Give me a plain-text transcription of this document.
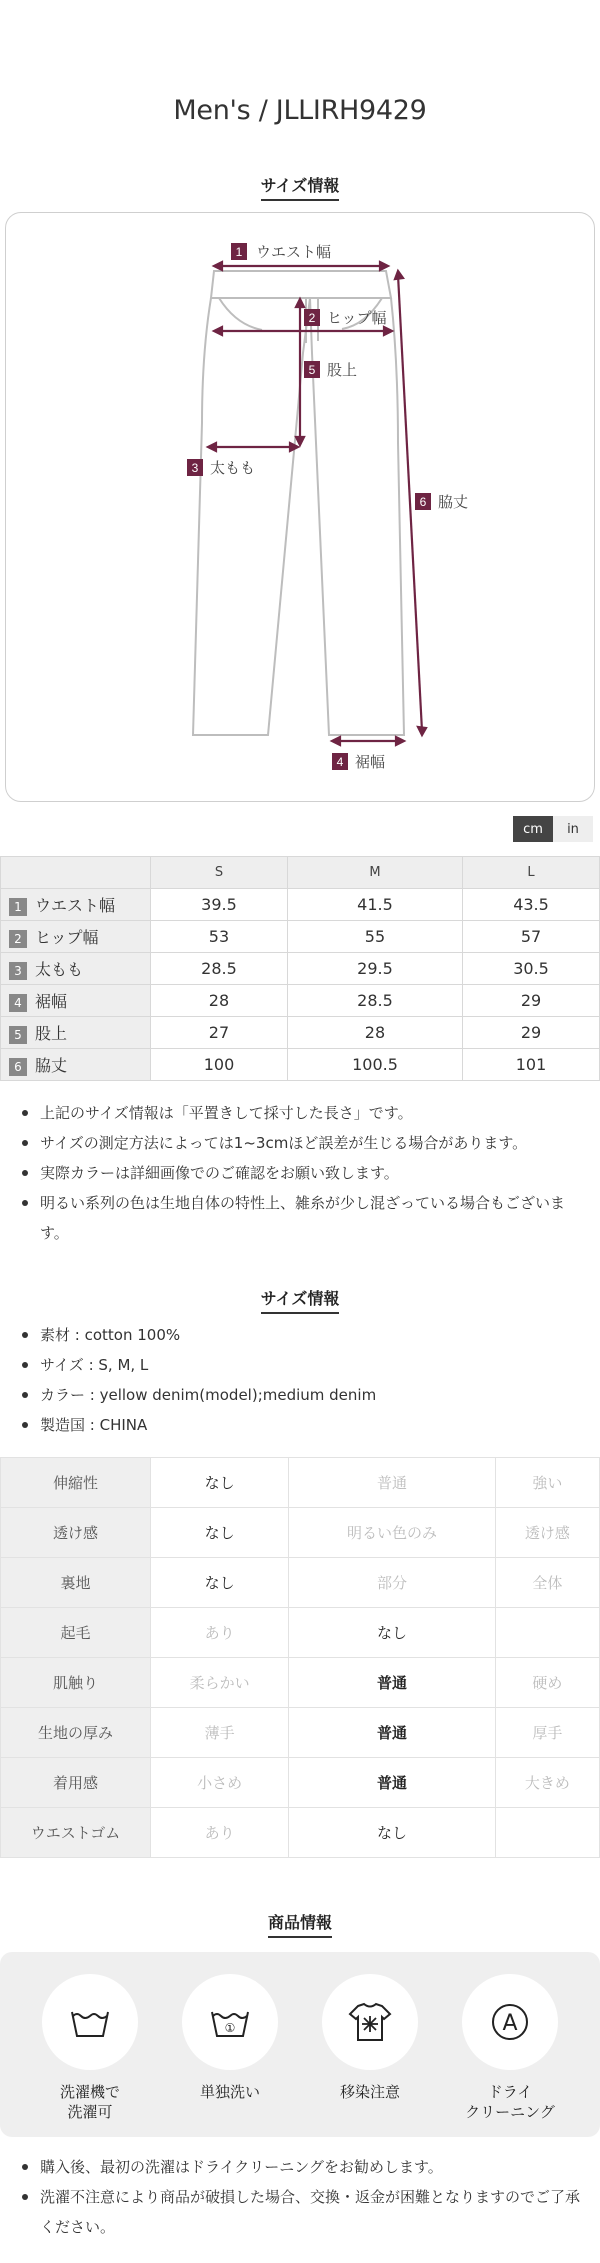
Men's / JLLIRH9429
サイズ情報
1 ウエスト幅
2 ヒップ幅
5 股上
3 太もも
6 脇丈
4 裾幅
cm	in
	S	M	L
1 ウエスト幅	39.5	41.5	43.5
2 ヒップ幅	53	55	57
3 太もも	28.5	29.5	30.5
4 裾幅	28	28.5	29
5 股上	27	28	29
6 脇丈	100	100.5	101
上記のサイズ情報は「平置きして採寸した長さ」です。
サイズの測定方法によっては1~3cmほど誤差が生じる場合があります。
実際カラーは詳細画像でのご確認をお願い致します。
明るい系列の色は生地自体の特性上、雑糸が少し混ざっている場合もございます。
サイズ情報
素材 : cotton 100%
サイズ : S, M, L
カラー : yellow denim(model);medium denim
製造国 : CHINA
伸縮性	なし	普通	強い
透け感	なし	明るい色のみ	透け感
裏地	なし	部分	全体
起毛	あり	なし	
肌触り	柔らかい	普通	硬め
生地の厚み	薄手	普通	厚手
着用感	小さめ	普通	大きめ
ウエストゴム	あり	なし	
商品情報
洗濯機で
洗濯可
①
単独洗い	移染注意
A
ドライ
クリーニング
購入後、最初の洗濯はドライクリーニングをお勧めします。
洗濯不注意により商品が破損した場合、交換・返金が困難となりますのでご了承ください。
